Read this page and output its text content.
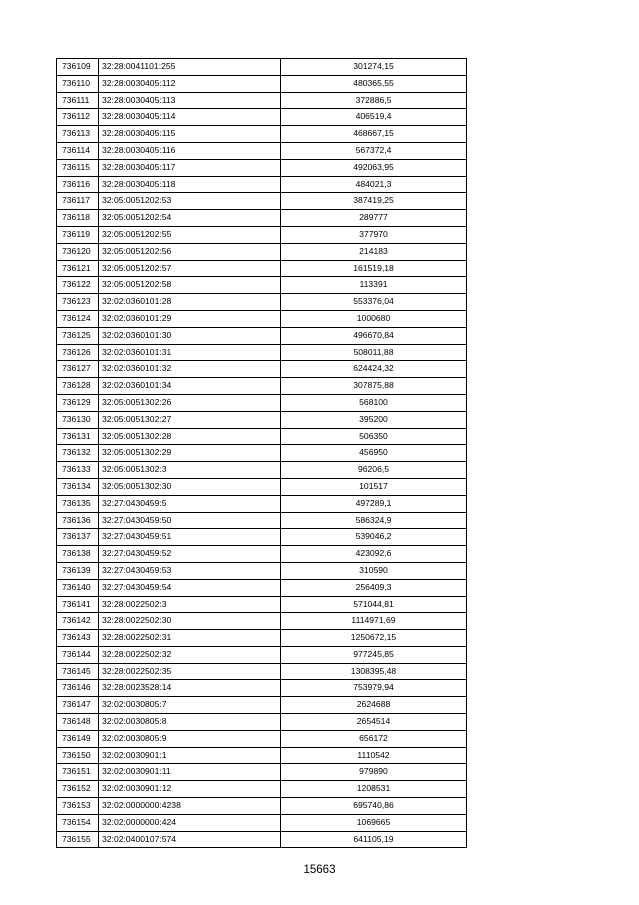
736109	32:28:0041101:255	301274,15
736110	32:28:0030405:112	480365,55
736111	32:28:0030405:113	372886,5
736112	32:28:0030405:114	406519,4
736113	32:28:0030405:115	468667,15
736114	32:28:0030405:116	567372,4
736115	32:28:0030405:117	492063,95
736116	32:28:0030405:118	484021,3
736117	32:05:0051202:53	387419,25
736118	32:05:0051202:54	289777
736119	32:05:0051202:55	377970
736120	32:05:0051202:56	214183
736121	32:05:0051202:57	161519,18
736122	32:05:0051202:58	113391
736123	32:02:0360101:28	553376,04
736124	32:02:0360101:29	1000680
736125	32:02:0360101:30	496670,84
736126	32:02:0360101:31	508011,88
736127	32:02:0360101:32	624424,32
736128	32:02:0360101:34	307875,88
736129	32:05:0051302:26	568100
736130	32:05:0051302:27	395200
736131	32:05:0051302:28	506350
736132	32:05:0051302:29	456950
736133	32:05:0051302:3	96206,5
736134	32:05:0051302:30	101517
736135	32:27:0430459:5	497289,1
736136	32:27:0430459:50	586324,9
736137	32:27:0430459:51	539046,2
736138	32:27:0430459:52	423092,6
736139	32:27:0430459:53	310590
736140	32:27:0430459:54	256409,3
736141	32:28:0022502:3	571044,81
736142	32:28:0022502:30	1114971,69
736143	32:28:0022502:31	1250672,15
736144	32:28:0022502:32	977245,85
736145	32:28:0022502:35	1308395,48
736146	32:28:0023528:14	753979,94
736147	32:02:0030805:7	2624688
736148	32:02:0030805:8	2654514
736149	32:02:0030805:9	656172
736150	32:02:0030901:1	1110542
736151	32:02:0030901:11	979890
736152	32:02:0030901:12	1208531
736153	32:02:0000000:4238	695740,86
736154	32:02:0000000:424	1069665
736155	32:02:0400107:574	641105,19
15663
